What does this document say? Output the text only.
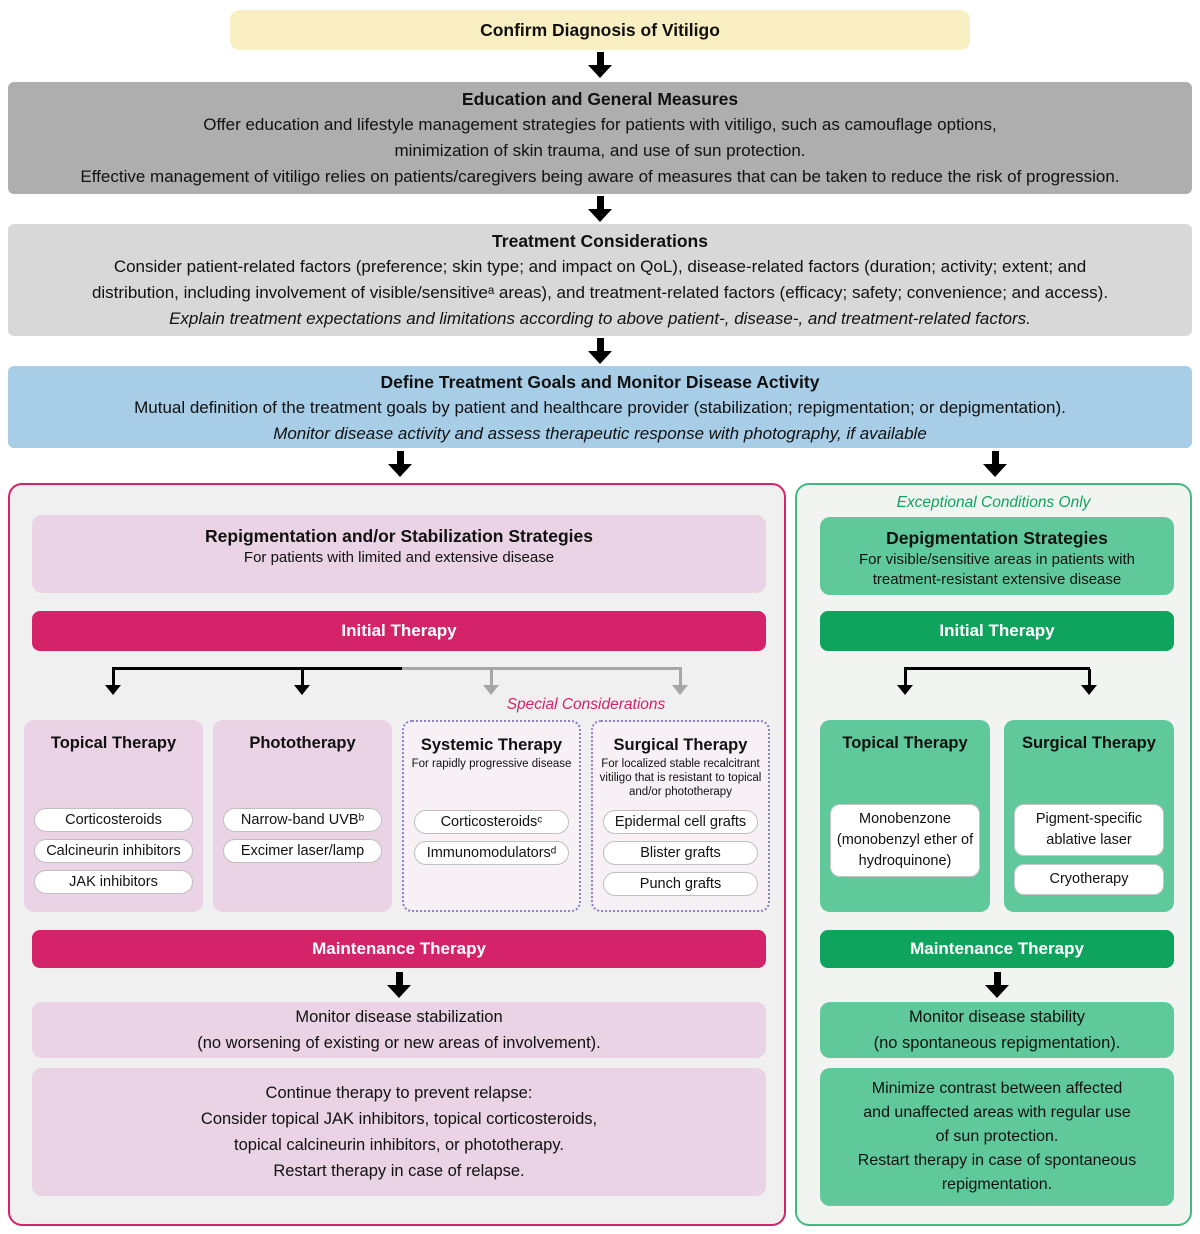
Confirm Diagnosis of Vitiligo
Education and General Measures
Offer education and lifestyle management strategies for patients with vitiligo, such as camouflage options,
minimization of skin trauma, and use of sun protection.
Effective management of vitiligo relies on patients/caregivers being aware of measures that can be taken to reduce the risk of progression.
Treatment Considerations
Consider patient-related factors (preference; skin type; and impact on QoL), disease-related factors (duration; activity; extent; and
distribution, including involvement of visible/sensitiveᵃ areas), and treatment-related factors (efficacy; safety; convenience; and access).
Explain treatment expectations and limitations according to above patient-, disease-, and treatment-related factors.
Define Treatment Goals and Monitor Disease Activity
Mutual definition of the treatment goals by patient and healthcare provider (stabilization; repigmentation; or depigmentation).
Monitor disease activity and assess therapeutic response with photography, if available
Repigmentation and/or Stabilization Strategies
For patients with limited and extensive disease
Initial Therapy
Special Considerations
Topical Therapy
Corticosteroids
Calcineurin inhibitors
JAK inhibitors
Phototherapy
Narrow-band UVBᵇ
Excimer laser/lamp
Systemic Therapy
For rapidly progressive disease
Corticosteroidsᶜ
Immunomodulatorsᵈ
Surgical Therapy
For localized stable recalcitrant vitiligo that is resistant to topical and/or phototherapy
Epidermal cell grafts
Blister grafts
Punch grafts
Maintenance Therapy
Monitor disease stabilization
(no worsening of existing or new areas of involvement).
Continue therapy to prevent relapse:
Consider topical JAK inhibitors, topical corticosteroids,
topical calcineurin inhibitors, or phototherapy.
Restart therapy in case of relapse.
Exceptional Conditions Only
Depigmentation Strategies
For visible/sensitive areas in patients with treatment-resistant extensive disease
Initial Therapy
Topical Therapy
Monobenzone (monobenzyl ether of hydroquinone)
Surgical Therapy
Pigment-specific ablative laser
Cryotherapy
Maintenance Therapy
Monitor disease stability
(no spontaneous repigmentation).
Minimize contrast between affected
and unaffected areas with regular use
of sun protection.
Restart therapy in case of spontaneous
repigmentation.
